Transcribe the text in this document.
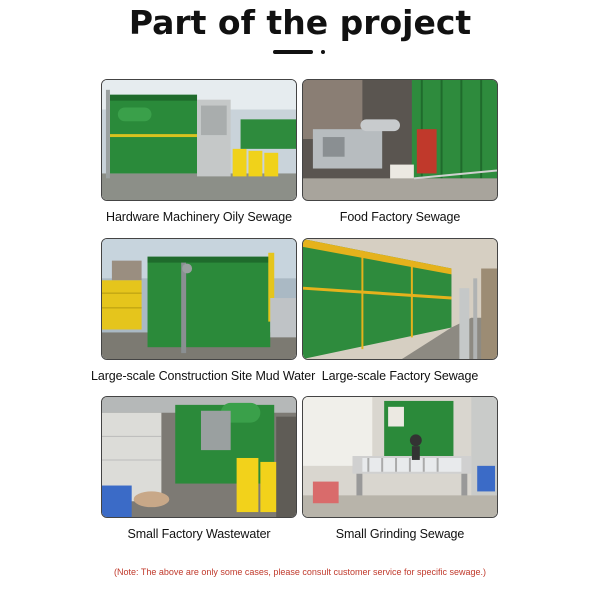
Part of the project
Hardware Machinery Oily Sewage	Food Factory Sewage
Large-scale Construction Site Mud Water Large-scale Factory Sewage
Small Factory Wastewater	Small Grinding Sewage
(Note: The above are only some cases, please consult customer service for specific sewage.)
